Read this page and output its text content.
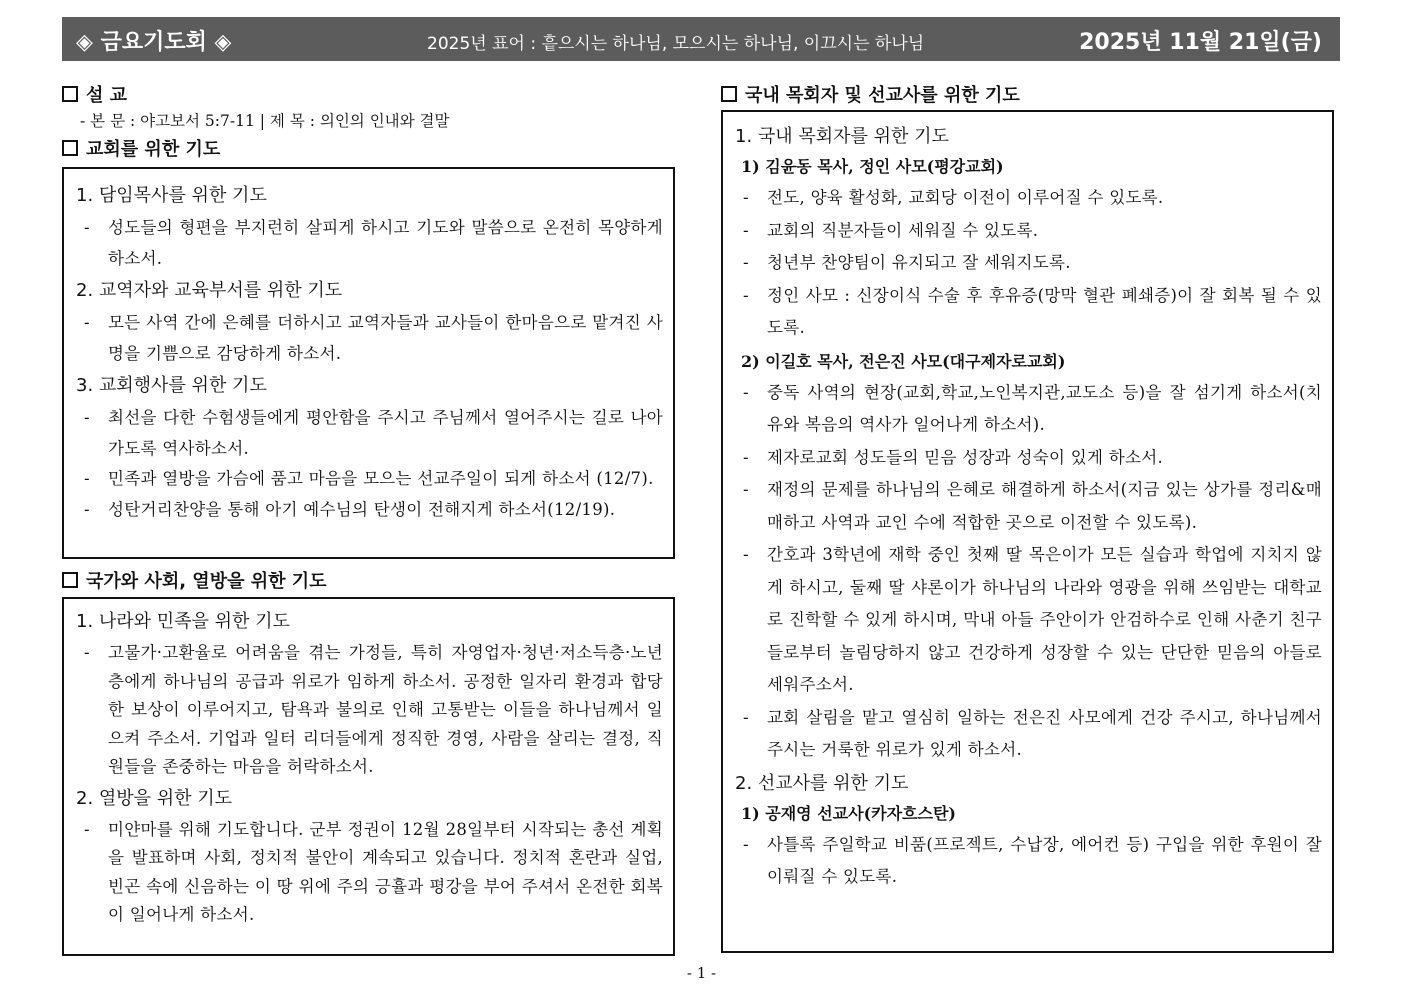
◈ 금요기도회 ◈	2025년 표어 : 흩으시는 하나님, 모으시는 하나님, 이끄시는 하나님	2025년 11월 21일(금)
설 교
- 본 문 : 야고보서 5:7-11 | 제 목 : 의인의 인내와 결말
교회를 위한 기도
1. 담임목사를 위한 기도
- 성도들의 형편을 부지런히 살피게 하시고 기도와 말씀으로 온전히 목양하게 하소서.
2. 교역자와 교육부서를 위한 기도
- 모든 사역 간에 은혜를 더하시고 교역자들과 교사들이 한마음으로 맡겨진 사명을 기쁨으로 감당하게 하소서.
3. 교회행사를 위한 기도
- 최선을 다한 수험생들에게 평안함을 주시고 주님께서 열어주시는 길로 나아가도록 역사하소서.
- 민족과 열방을 가슴에 품고 마음을 모으는 선교주일이 되게 하소서 (12/7).
- 성탄거리찬양을 통해 아기 예수님의 탄생이 전해지게 하소서(12/19).
국가와 사회, 열방을 위한 기도
1. 나라와 민족을 위한 기도
- 고물가·고환율로 어려움을 겪는 가정들, 특히 자영업자·청년·저소득층·노년층에게 하나님의 공급과 위로가 임하게 하소서. 공정한 일자리 환경과 합당한 보상이 이루어지고, 탐욕과 불의로 인해 고통받는 이들을 하나님께서 일으켜 주소서. 기업과 일터 리더들에게 정직한 경영, 사람을 살리는 결정, 직원들을 존중하는 마음을 허락하소서.
2. 열방을 위한 기도
- 미얀마를 위해 기도합니다. 군부 정권이 12월 28일부터 시작되는 총선 계획을 발표하며 사회, 정치적 불안이 계속되고 있습니다. 정치적 혼란과 실업, 빈곤 속에 신음하는 이 땅 위에 주의 긍휼과 평강을 부어 주셔서 온전한 회복이 일어나게 하소서.
국내 목회자 및 선교사를 위한 기도
1. 국내 목회자를 위한 기도
1) 김윤동 목사, 정인 사모(평강교회)
- 전도, 양육 활성화, 교회당 이전이 이루어질 수 있도록.
- 교회의 직분자들이 세워질 수 있도록.
- 청년부 찬양팀이 유지되고 잘 세워지도록.
- 정인 사모 : 신장이식 수술 후 후유증(망막 혈관 폐쇄증)이 잘 회복 될 수 있도록.
2) 이길호 목사, 전은진 사모(대구제자로교회)
- 중독 사역의 현장(교회,학교,노인복지관,교도소 등)을 잘 섬기게 하소서(치유와 복음의 역사가 일어나게 하소서).
- 제자로교회 성도들의 믿음 성장과 성숙이 있게 하소서.
- 재정의 문제를 하나님의 은혜로 해결하게 하소서(지금 있는 상가를 정리&매매하고 사역과 교인 수에 적합한 곳으로 이전할 수 있도록).
- 간호과 3학년에 재학 중인 첫째 딸 목은이가 모든 실습과 학업에 지치지 않게 하시고, 둘째 딸 샤론이가 하나님의 나라와 영광을 위해 쓰임받는 대학교로 진학할 수 있게 하시며, 막내 아들 주안이가 안검하수로 인해 사춘기 친구들로부터 놀림당하지 않고 건강하게 성장할 수 있는 단단한 믿음의 아들로 세워주소서.
- 교회 살림을 맡고 열심히 일하는 전은진 사모에게 건강 주시고, 하나님께서 주시는 거룩한 위로가 있게 하소서.
2. 선교사를 위한 기도
1) 공재영 선교사(카자흐스탄)
- 사틀록 주일학교 비품(프로젝트, 수납장, 에어컨 등) 구입을 위한 후원이 잘 이뤄질 수 있도록.
- 1 -
